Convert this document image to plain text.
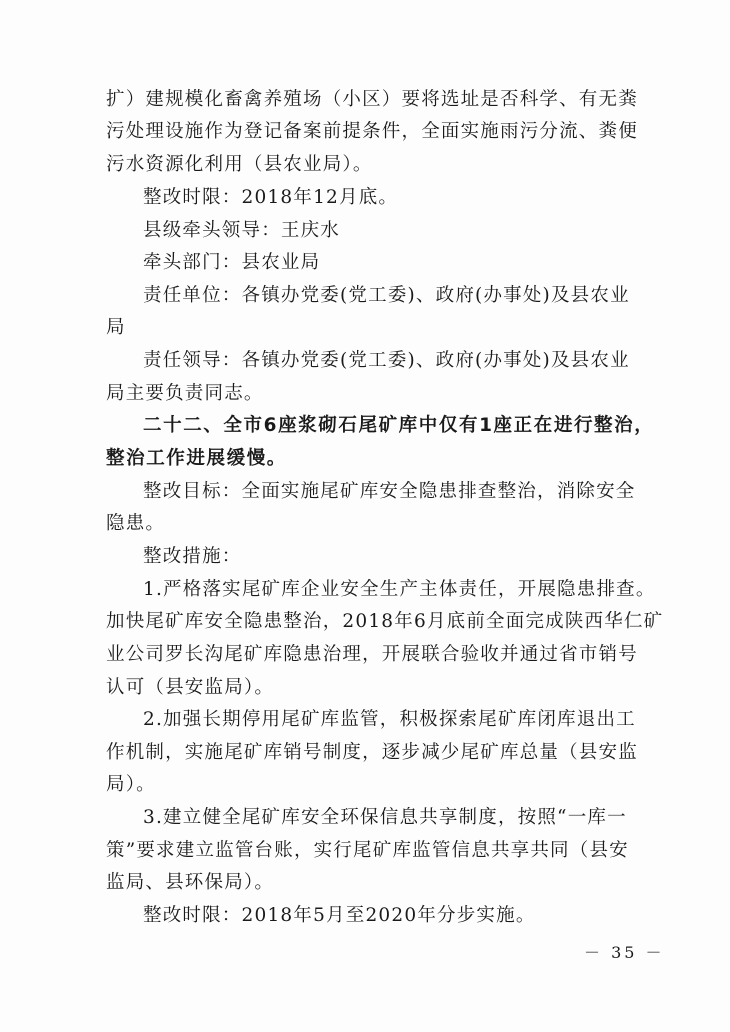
扩）建规模化畜禽养殖场（小区）要将选址是否科学、有无粪
污处理设施作为登记备案前提条件，全面实施雨污分流、粪便
污水资源化利用（县农业局）。
整改时限：2018年12月底。
县级牵头领导：王庆水
牵头部门：县农业局
责任单位：各镇办党委(党工委)、政府(办事处)及县农业
局
责任领导：各镇办党委(党工委)、政府(办事处)及县农业
局主要负责同志。
二十二、全市6座浆砌石尾矿库中仅有1座正在进行整治，
整治工作进展缓慢。
整改目标：全面实施尾矿库安全隐患排查整治，消除安全
隐患。
整改措施：
1.严格落实尾矿库企业安全生产主体责任，开展隐患排查。
加快尾矿库安全隐患整治，2018年6月底前全面完成陕西华仁矿
业公司罗长沟尾矿库隐患治理，开展联合验收并通过省市销号
认可（县安监局）。
2.加强长期停用尾矿库监管，积极探索尾矿库闭库退出工
作机制，实施尾矿库销号制度，逐步减少尾矿库总量（县安监
局）。
3.建立健全尾矿库安全环保信息共享制度，按照“一库一
策”要求建立监管台账，实行尾矿库监管信息共享共同（县安
监局、县环保局）。
整改时限：2018年5月至2020年分步实施。
－ 35 －
